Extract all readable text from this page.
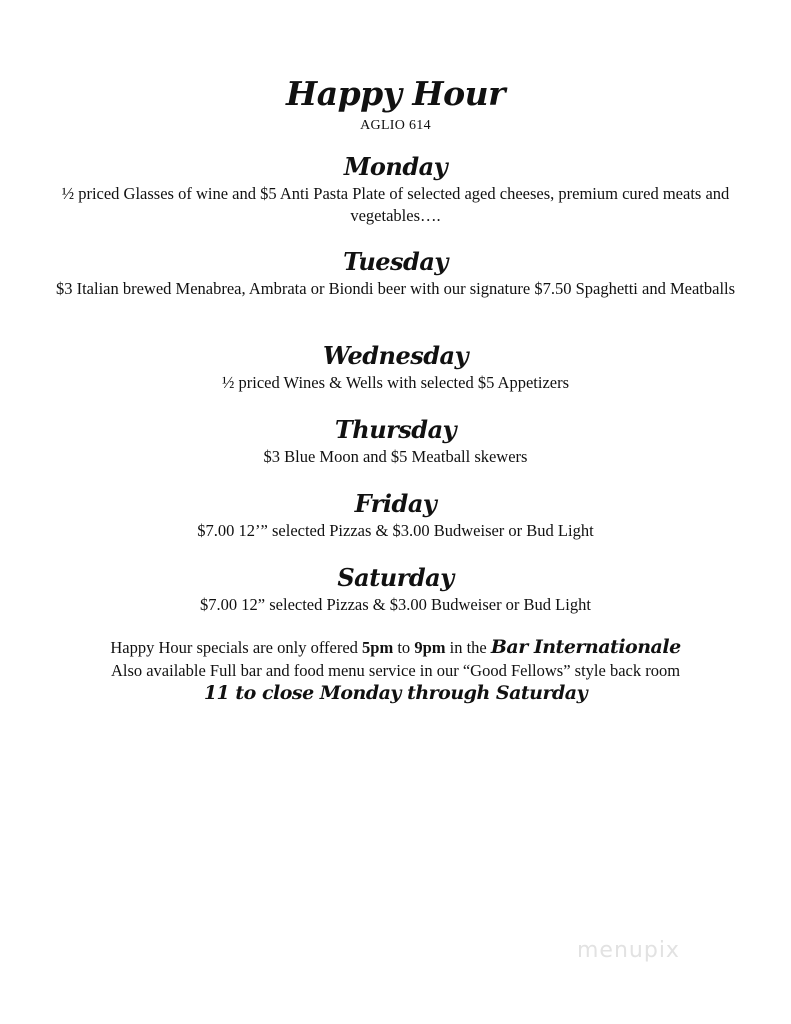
Happy Hour
AGLIO 614
Monday
½ priced Glasses of wine and $5 Anti Pasta Plate of selected aged cheeses, premium cured meats and vegetables….
Tuesday
$3 Italian brewed Menabrea, Ambrata or Biondi beer with our signature $7.50 Spaghetti and Meatballs
Wednesday
½ priced Wines & Wells with selected $5 Appetizers
Thursday
$3 Blue Moon and $5 Meatball skewers
Friday
$7.00 12’” selected Pizzas & $3.00 Budweiser or Bud Light
Saturday
$7.00 12” selected Pizzas & $3.00 Budweiser or Bud Light
Happy Hour specials are only offered 5pm to 9pm in the Bar Internationale
Also available Full bar and food menu service in our “Good Fellows” style back room
11 to close Monday through Saturday
menupix
